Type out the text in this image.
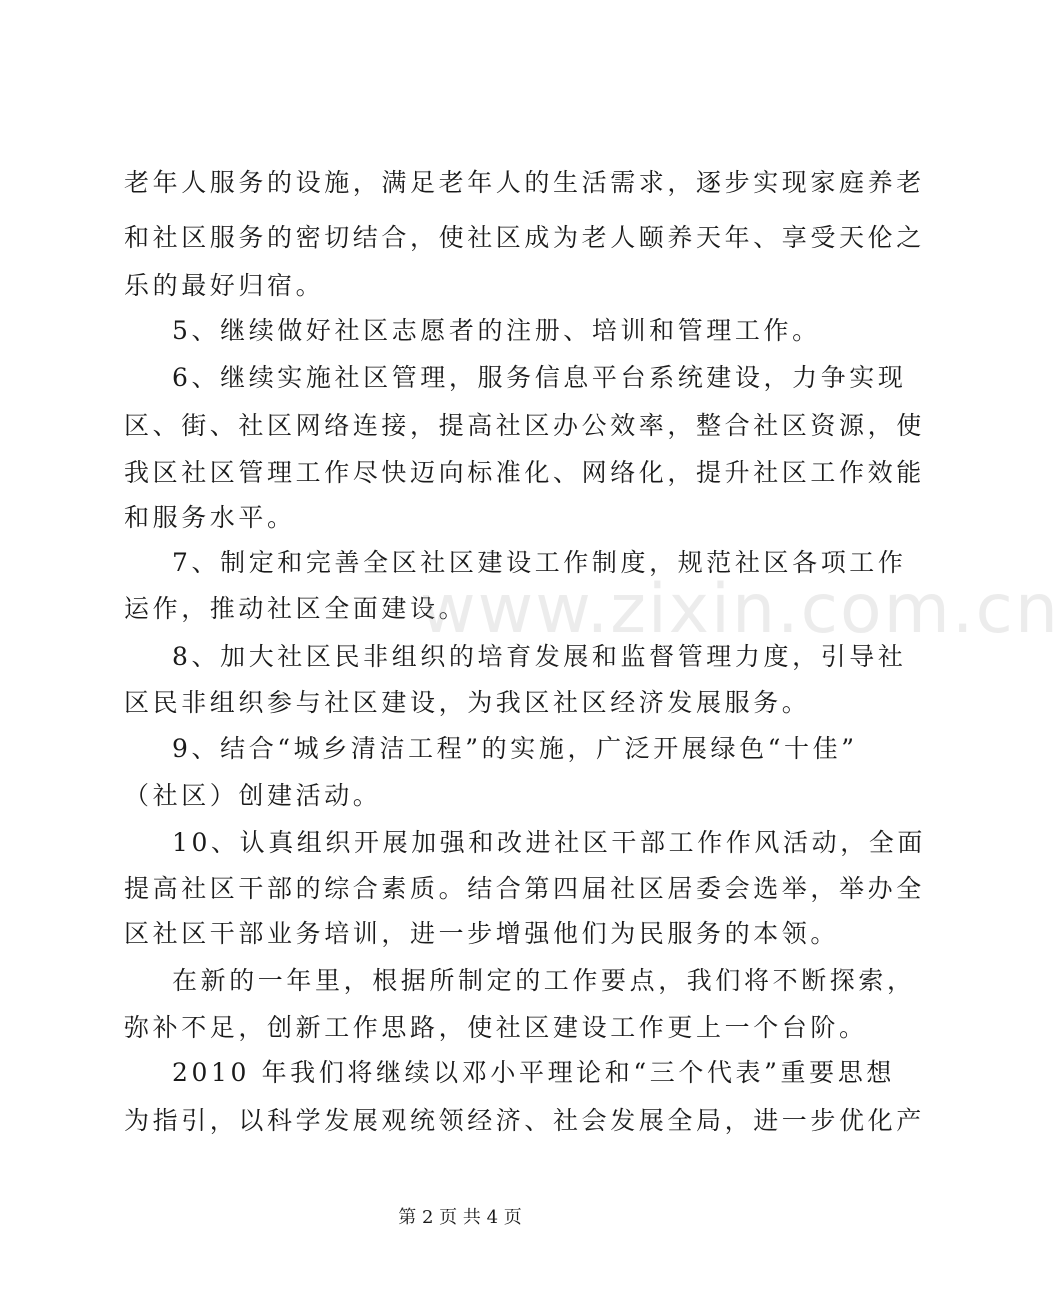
老年人服务的设施，满足老年人的生活需求，逐步实现家庭养老
和社区服务的密切结合，使社区成为老人颐养天年、享受天伦之
乐的最好归宿。
5、继续做好社区志愿者的注册、培训和管理工作。
6、继续实施社区管理，服务信息平台系统建设，力争实现
区、街、社区网络连接，提高社区办公效率，整合社区资源，使
我区社区管理工作尽快迈向标准化、网络化，提升社区工作效能
和服务水平。
7、制定和完善全区社区建设工作制度，规范社区各项工作
运作，推动社区全面建设。
8、加大社区民非组织的培育发展和监督管理力度，引导社
区民非组织参与社区建设，为我区社区经济发展服务。
9、结合“城乡清洁工程”的实施，广泛开展绿色“十佳”
（社区）创建活动。
10、认真组织开展加强和改进社区干部工作作风活动，全面
提高社区干部的综合素质。结合第四届社区居委会选举，举办全
区社区干部业务培训，进一步增强他们为民服务的本领。
在新的一年里，根据所制定的工作要点，我们将不断探索，
弥补不足，创新工作思路，使社区建设工作更上一个台阶。
2010 年我们将继续以邓小平理论和“三个代表”重要思想
为指引，以科学发展观统领经济、社会发展全局，进一步优化产
www.zixin.com.cn
第 2 页 共 4 页
